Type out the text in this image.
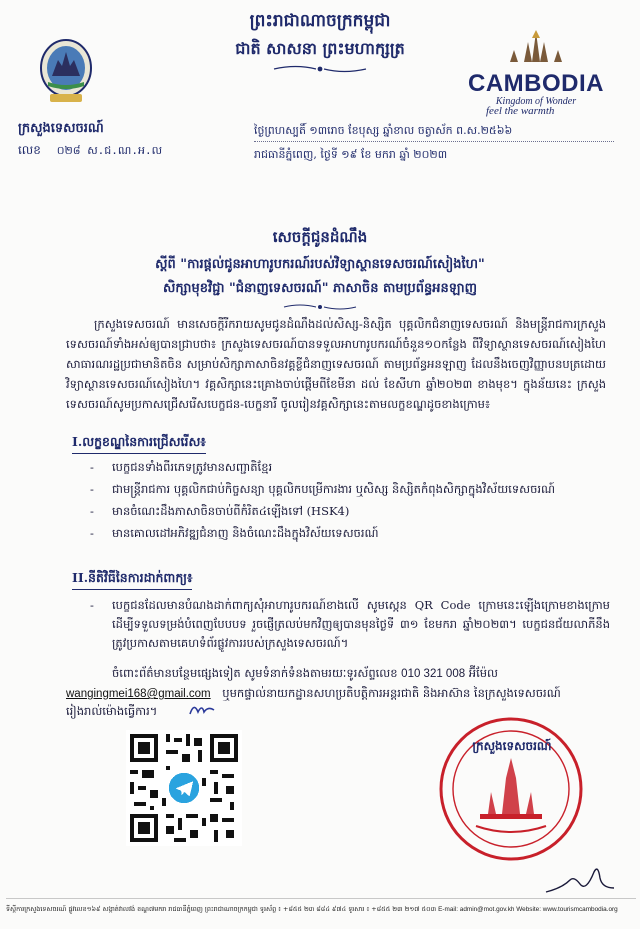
ព្រះរាជាណាចក្រកម្ពុជា
ជាតិ សាសនា ព្រះមហាក្សត្រ
ក្រសួងទេសចរណ៍
លេខ ០២៨ ស.ជ.ណ.អ.ល
CAMBODIA
Kingdom of Wonder
feel the warmth
ថ្ងៃព្រហស្បតិ៍ ១៣រោច ខែបុស្ស ឆ្នាំខាល ចត្វាស័ក ព.ស.២៥៦៦
រាជធានីភ្នំពេញ, ថ្ងៃទី ១៩ ខែ មករា ឆ្នាំ ២០២៣
សេចក្តីជូនដំណឹង
ស្តីពី "ការផ្តល់ជូនអាហារូបករណ៍របស់វិទ្យាស្ថានទេសចរណ៍សៀងហៃ"
សិក្សាមុខវិជ្ជា "ជំនាញទេសចរណ៍" ភាសាចិន តាមប្រព័ន្ធអនឡាញ

ក្រសួងទេសចរណ៍ មានសេចក្តីរីករាយសូមជូនដំណឹងដល់សិស្ស-និស្សិត បុគ្គលិកជំនាញទេសចរណ៍ និងមន្ត្រីរាជការក្រសួងទេសចរណ៍ទាំងអស់ឲ្យបានជ្រាបថា៖ ក្រសួងទេសចរណ៍បានទទួលអាហារូបករណ៍ចំនួន១០កន្លែង ពីវិទ្យាស្ថានទេសចរណ៍សៀងហៃ សាធារណរដ្ឋប្រជាមានិតចិន សម្រាប់សិក្សាភាសាចិនវគ្គខ្លីជំនាញទេសចរណ៍ តាមប្រព័ន្ធអនឡាញ ដែលនឹងចេញវិញ្ញាបនបត្រដោយវិទ្យាស្ថានទេសចរណ៍សៀងហៃ។ វគ្គសិក្សានេះគ្រោងចាប់ផ្តើមពីខែមីនា ដល់ ខែសីហា ឆ្នាំ២០២៣ ខាងមុខ។ ក្នុងន័យនេះ ក្រសួងទេសចរណ៍សូមប្រកាសជ្រើសរើសបេក្ខជន-បេក្ខនារី ចូលរៀនវគ្គសិក្សានេះតាមលក្ខខណ្ឌដូចខាងក្រោម៖

I.លក្ខខណ្ឌនៃការជ្រើសរើស៖
- បេក្ខជនទាំងពីរភេទត្រូវមានសញ្ជាតិខ្មែរ
- ជាមន្ត្រីរាជការ បុគ្គលិកជាប់កិច្ចសន្យា បុគ្គលិកបម្រើការងារ ឬសិស្ស និស្សិតកំពុងសិក្សាក្នុងវិស័យទេសចរណ៍
- មានចំណេះដឹងភាសាចិនចាប់ពីកំរិត៤ឡើងទៅ (HSK4)
- មានគោលដៅអភិវឌ្ឍជំនាញ និងចំណេះដឹងក្នុងវិស័យទេសចរណ៍
II.នីតិវិធីនៃការដាក់ពាក្យ៖
- បេក្ខជនដែលមានបំណងដាក់ពាក្យសុំអាហារូបករណ៍ខាងលើ សូមស្កេន QR Code ក្រោមនេះឡើងក្រោមខាងក្រោម ដើម្បីទទួលទម្រង់បំពេញបែបបទ រួចផ្ញើត្រលប់មកវិញឲ្យបានមុនថ្ងៃទី ៣១ ខែមករា ឆ្នាំ២០២៣។ បេក្ខជនជ័យលាភីនឹងត្រូវប្រកាសតាមគេហទំព័រផ្លូវការរបស់ក្រសួងទេសចរណ៍។
ចំពោះព័ត៌មានបន្ថែមផ្សេងទៀត សូមទំនាក់ទំនងតាមរយៈទូរស័ព្ទលេខ 010 321 008 អ៊ីម៉ែល
wangingmei168@gmail.com ឬមកផ្ទាល់នាយកដ្ឋានសហប្រតិបត្តិការអន្តរជាតិ និងអាស៊ាន នៃក្រសួងទេសចរណ៍
រៀងរាល់ម៉ោងធ្វើការ។
ក្រសួងទេសចរណ៍
ទីស្តីការក្រសួងទេសចរណ៍ ផ្លូវលេខ១៦៩ សង្កាត់វាលវង់ ខណ្ឌ៧មករា រាជធានីភ្នំពេញ ព្រះរាជាណាចក្រកម្ពុជា ទូរស័ព្ទ ៖ +៨៥៥ ២៣ ៨៨៤ ៩៧៤ ទូរសារ ៖ +៨៥៥ ២៣ ២១៧ ៥០៣ E-mail: admin@mot.gov.kh Website: www.tourismcambodia.org
